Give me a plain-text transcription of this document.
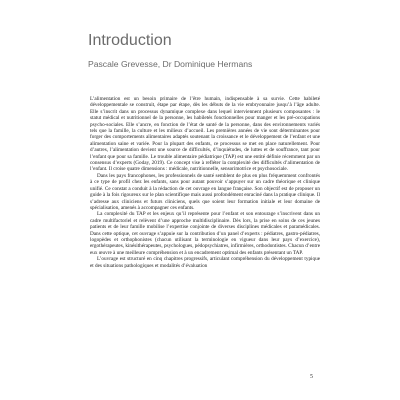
Introduction
Pascale Grevesse, Dr Dominique Hermans

L’alimentation est un besoin primaire de l’être humain, indispensable à sa survie. Cette habileté développementale se construit, étape par étape, dès les débuts de la vie embryonnaire jusqu’à l’âge adulte. Elle s’inscrit dans un processus dynamique complexe dans lequel interviennent plusieurs composantes : le statut médical et nutritionnel de la personne, les habiletés fonctionnelles pour manger et les pré-occupations psycho-sociales. Elle s’ancre, en fonction de l’état de santé de la personne, dans des environnements variés tels que la famille, la culture et les milieux d’accueil. Les premières années de vie sont déterminantes pour forger des comportements alimentaires adaptés soutenant la croissance et le développement de l’enfant et une alimentation saine et variée. Pour la plupart des enfants, ce processus se met en place naturellement. Pour d’autres, l’alimentation devient une source de difficultés, d’inquiétudes, de luttes et de souffrance, tant pour l’enfant que pour sa famille. Le trouble alimentaire pédiatrique (TAP) est une entité définie récemment par un consensus d’experts (Goday, 2019). Ce concept vise à refléter la complexité des difficultés d’alimentation de l’enfant. Il croise quatre dimensions : médicale, nutritionnelle, sensorimotrice et psychosociale.

Dans les pays francophones, les professionnels de santé semblent de plus en plus fréquemment confrontés à ce type de profil chez les enfants, sans pour autant pouvoir s’appuyer sur un cadre théorique et clinique unifié. Ce constat a conduit à la rédaction de cet ouvrage en langue française. Son objectif est de proposer un guide à la fois rigoureux sur le plan scientifique mais aussi profondément enraciné dans la pratique clinique. Il s’adresse aux cliniciens et futurs cliniciens, quels que soient leur formation initiale et leur domaine de spécialisation, amenés à accompagner ces enfants.

La complexité du TAP et les enjeux qu’il représente pour l’enfant et son entourage s’inscrivent dans un cadre multifactoriel et relèvent d’une approche multidisciplinaire. Dès lors, la prise en soins de ces jeunes patients et de leur famille mobilise l’expertise conjointe de diverses disciplines médicales et paramédicales. Dans cette optique, cet ouvrage s’appuie sur la contribution d’un panel d’experts : pédiatres, gastro-pédiatres, logopèdes et orthophonistes (chacun utilisant la terminologie en vigueur dans leur pays d’exercice), ergothérapeutes, kinésithérapeutes, psychologues, pédopsychiatres, infirmières, orthodontistes. Chacun d’entre eux œuvre à une meilleure compréhension et à un encadrement optimal des enfants présentant un TAP.

L’ouvrage est structuré en cinq chapitres progressifs, articulant compréhension du développement typique et des situations pathologiques et modalités d’évaluation

5
